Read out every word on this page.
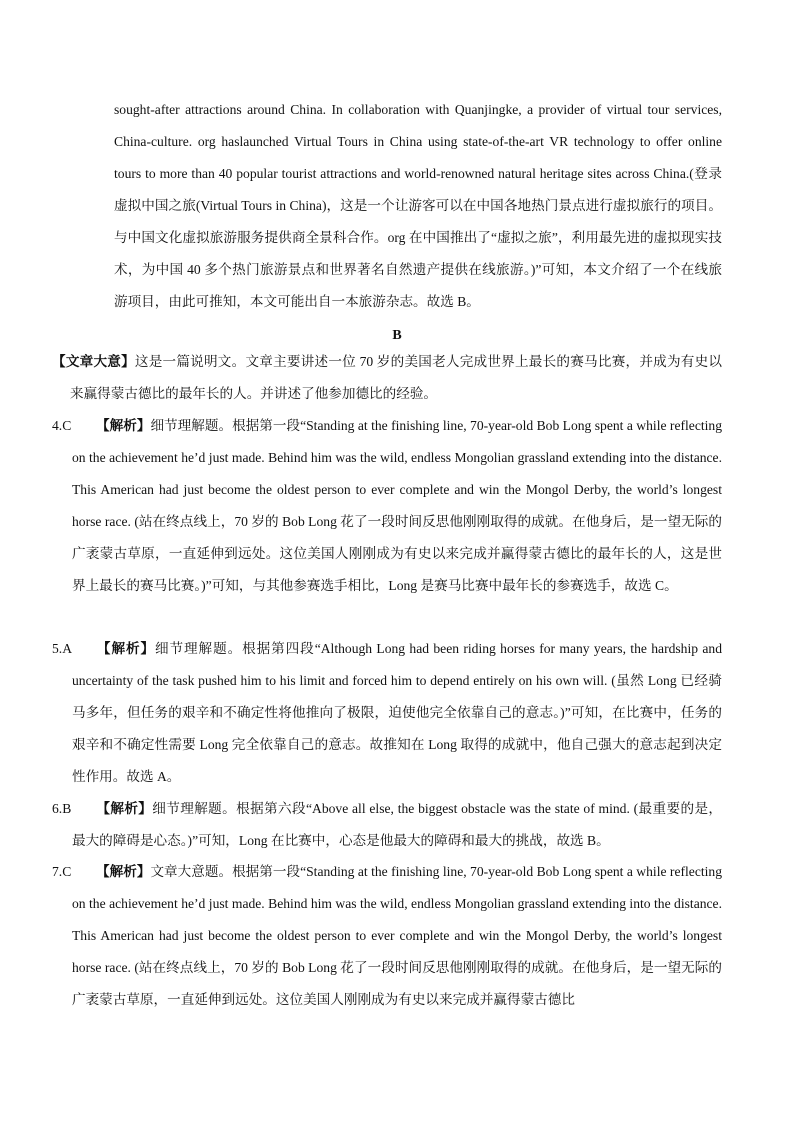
sought-after attractions around China. In collaboration with Quanjingke, a provider of virtual tour services, China-culture. org haslaunched Virtual Tours in China using state-of-the-art VR technology to offer online tours to more than 40 popular tourist attractions and world-renowned natural heritage sites across China.(登录虚拟中国之旅(Virtual Tours in China)，这是一个让游客可以在中国各地热门景点进行虚拟旅行的项目。与中国文化虚拟旅游服务提供商全景科合作。org 在中国推出了“虚拟之旅”，利用最先进的虚拟现实技术，为中国 40 多个热门旅游景点和世界著名自然遗产提供在线旅游。)”可知，本文介绍了一个在线旅游项目，由此可推知，本文可能出自一本旅游杂志。故选 B。

B

【文章大意】这是一篇说明文。文章主要讲述一位 70 岁的美国老人完成世界上最长的赛马比赛，并成为有史以来赢得蒙古德比的最年长的人。并讲述了他参加德比的经验。

4.C 【解析】细节理解题。根据第一段“Standing at the finishing line, 70-year-old Bob Long spent a while reflecting on the achievement he’d just made. Behind him was the wild, endless Mongolian grassland extending into the distance. This American had just become the oldest person to ever complete and win the Mongol Derby, the world’s longest horse race. (站在终点线上，70 岁的 Bob Long 花了一段时间反思他刚刚取得的成就。在他身后，是一望无际的广袤蒙古草原，一直延伸到远处。这位美国人刚刚成为有史以来完成并赢得蒙古德比的最年长的人，这是世界上最长的赛马比赛。)”可知，与其他参赛选手相比，Long 是赛马比赛中最年长的参赛选手，故选 C。

5.A 【解析】细节理解题。根据第四段“Although Long had been riding horses for many years, the hardship and uncertainty of the task pushed him to his limit and forced him to depend entirely on his own will. (虽然 Long 已经骑马多年，但任务的艰辛和不确定性将他推向了极限，迫使他完全依靠自己的意志。)”可知，在比赛中，任务的艰辛和不确定性需要 Long 完全依靠自己的意志。故推知在 Long 取得的成就中，他自己强大的意志起到决定性作用。故选 A。

6.B 【解析】细节理解题。根据第六段“Above all else, the biggest obstacle was the state of mind. (最重要的是，最大的障碍是心态。)”可知，Long 在比赛中，心态是他最大的障碍和最大的挑战，故选 B。

7.C 【解析】文章大意题。根据第一段“Standing at the finishing line, 70-year-old Bob Long spent a while reflecting on the achievement he’d just made. Behind him was the wild, endless Mongolian grassland extending into the distance. This American had just become the oldest person to ever complete and win the Mongol Derby, the world’s longest horse race. (站在终点线上，70 岁的 Bob Long 花了一段时间反思他刚刚取得的成就。在他身后，是一望无际的广袤蒙古草原，一直延伸到远处。这位美国人刚刚成为有史以来完成并赢得蒙古德比
